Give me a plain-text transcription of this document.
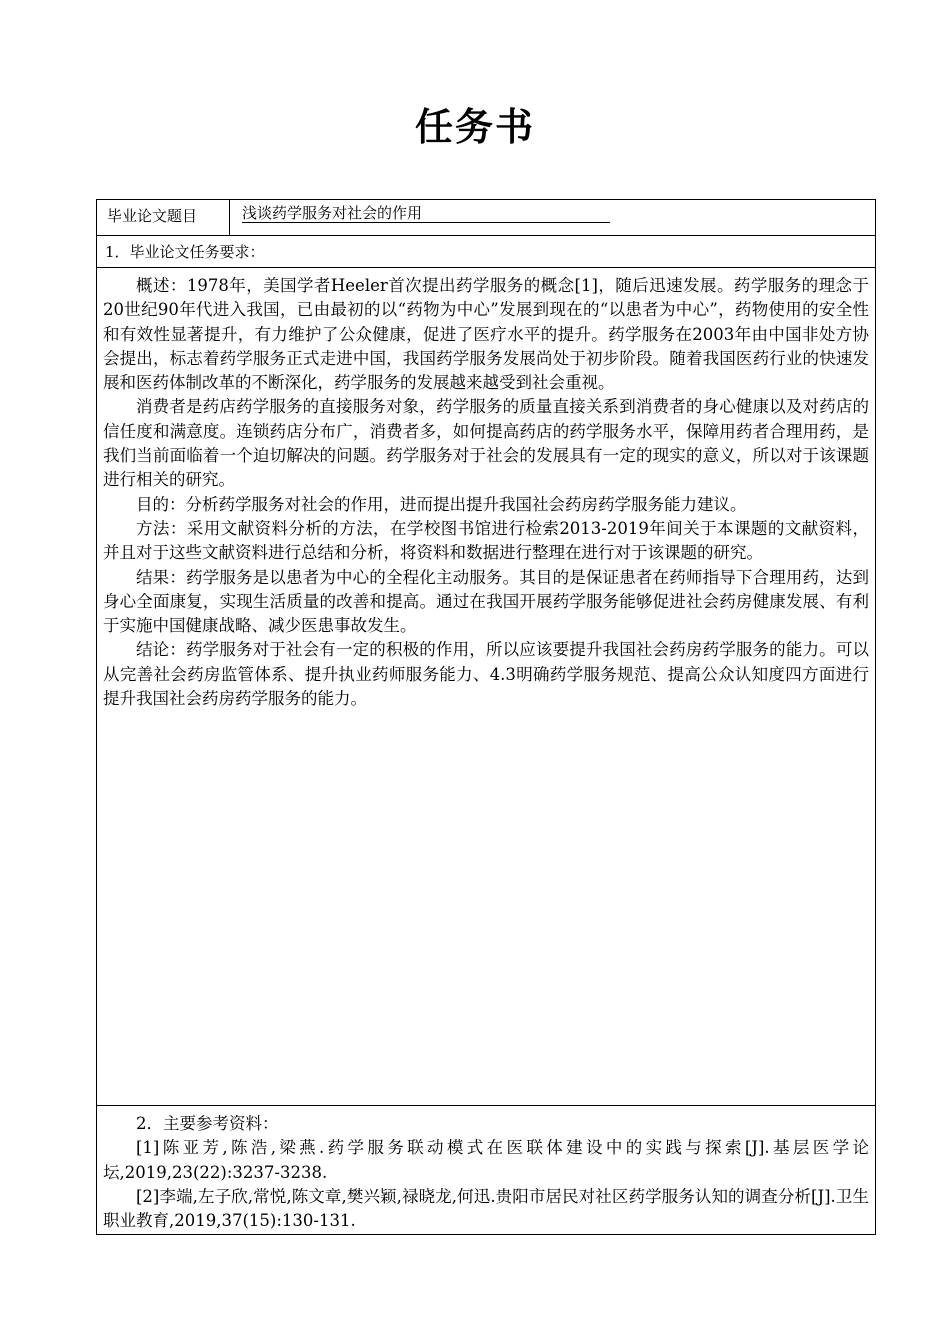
任务书
毕业论文题目	浅谈药学服务对社会的作用
1．毕业论文任务要求：

概述：1978年，美国学者Heeler首次提出药学服务的概念[1]，随后迅速发展。药学服务的理念于20世纪90年代进入我国，已由最初的以“药物为中心”发展到现在的“以患者为中心”，药物使用的安全性和有效性显著提升，有力维护了公众健康，促进了医疗水平的提升。药学服务在2003年由中国非处方协会提出，标志着药学服务正式走进中国，我国药学服务发展尚处于初步阶段。随着我国医药行业的快速发展和医药体制改革的不断深化，药学服务的发展越来越受到社会重视。

消费者是药店药学服务的直接服务对象，药学服务的质量直接关系到消费者的身心健康以及对药店的信任度和满意度。连锁药店分布广，消费者多，如何提高药店的药学服务水平，保障用药者合理用药，是我们当前面临着一个迫切解决的问题。药学服务对于社会的发展具有一定的现实的意义，所以对于该课题进行相关的研究。

目的：分析药学服务对社会的作用，进而提出提升我国社会药房药学服务能力建议。

方法：采用文献资料分析的方法，在学校图书馆进行检索2013-2019年间关于本课题的文献资料，并且对于这些文献资料进行总结和分析，将资料和数据进行整理在进行对于该课题的研究。

结果：药学服务是以患者为中心的全程化主动服务。其目的是保证患者在药师指导下合理用药，达到身心全面康复，实现生活质量的改善和提高。通过在我国开展药学服务能够促进社会药房健康发展、有利于实施中国健康战略、减少医患事故发生。

结论：药学服务对于社会有一定的积极的作用，所以应该要提升我国社会药房药学服务的能力。可以从完善社会药房监管体系、提升执业药师服务能力、4.3明确药学服务规范、提高公众认知度四方面进行提升我国社会药房药学服务的能力。

2．主要参考资料：

[1]陈亚芳,陈浩,梁燕.药学服务联动模式在医联体建设中的实践与探索[J].基层医学论坛,2019,23(22):3237-3238.

[2]李端,左子欣,常悦,陈文章,樊兴颖,禄晓龙,何迅.贵阳市居民对社区药学服务认知的调查分析[J].卫生职业教育,2019,37(15):130-131.
